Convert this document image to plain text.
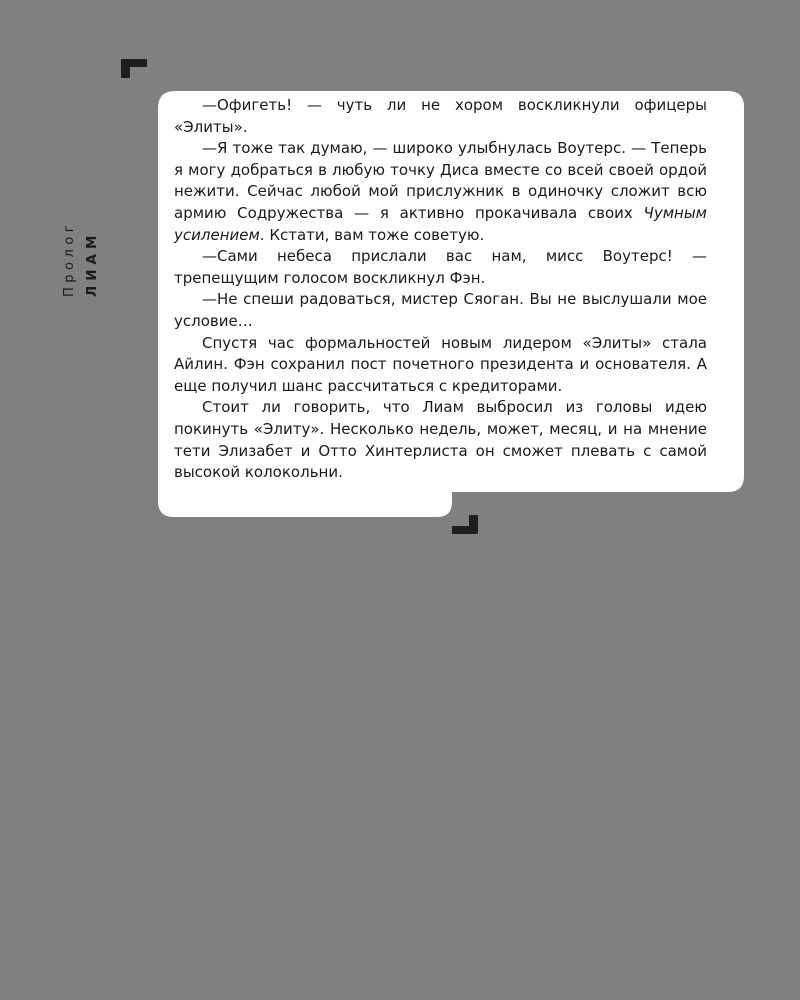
Пролог ЛИАМ

—Офигеть! — чуть ли не хором воскликнули офицеры «Элиты».

—Я тоже так думаю, — широко улыбнулась Воутерс. — Теперь я могу добраться в любую точку Диса вместе со всей своей ордой нежити. Сейчас любой мой прислужник в одиночку сложит всю армию Содружества — я активно прокачивала своих Чумным усилением. Кстати, вам тоже советую.

—Сами небеса прислали вас нам, мисс Воутерс! — трепещущим голосом воскликнул Фэн.

—Не спеши радоваться, мистер Сяоган. Вы не выслушали мое условие…

Спустя час формальностей новым лидером «Элиты» стала Айлин. Фэн сохранил пост почетного президента и основателя. А еще получил шанс рассчитаться с кредиторами.

Стоит ли говорить, что Лиам выбросил из головы идею покинуть «Элиту». Несколько недель, может, месяц, и на мнение тети Элизабет и Отто Хинтерлиста он сможет плевать с самой высокой колокольни.
